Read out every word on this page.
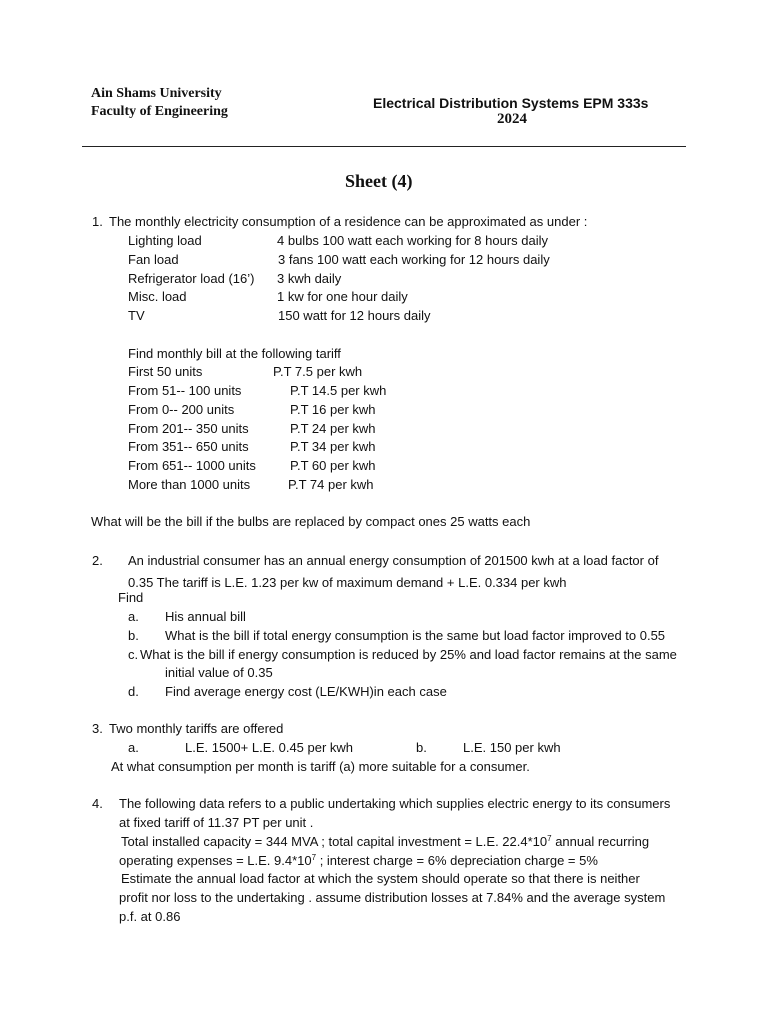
Ain Shams University
Faculty of Engineering
Electrical Distribution Systems EPM 333s
2024
Sheet (4)
1. The monthly electricity consumption of a residence can be approximated as under :
Lighting load	4 bulbs 100 watt each working for 8 hours daily
Fan load	3 fans 100 watt each working for 12 hours daily
Refrigerator load (16’) 3 kwh daily
Misc. load	1 kw for one hour daily
TV	150 watt for 12 hours daily
Find monthly bill at the following tariff
First 50 units	P.T 7.5 per kwh
From 51-- 100 units	P.T 14.5 per kwh
From 0-- 200 units	P.T 16 per kwh
From 201-- 350 units	P.T 24 per kwh
From 351-- 650 units	P.T 34 per kwh
From 651-- 1000 units	P.T 60 per kwh
More than 1000 units	P.T 74 per kwh
What will be the bill if the bulbs are replaced by compact ones 25 watts each
2. An industrial consumer has an annual energy consumption of 201500 kwh at a load factor of
0.35 The tariff is L.E. 1.23 per kw of maximum demand + L.E. 0.334 per kwh
Find
a. His annual bill
b. What is the bill if total energy consumption is the same but load factor improved to 0.55
c. What is the bill if energy consumption is reduced by 25% and load factor remains at the same
initial value of 0.35
d. Find average energy cost (LE/KWH)in each case
3. Two monthly tariffs are offered
a.	L.E. 1500+ L.E. 0.45 per kwh	b.	L.E. 150 per kwh
At what consumption per month is tariff (a) more suitable for a consumer.
4. The following data refers to a public undertaking which supplies electric energy to its consumers
at fixed tariff of 11.37 PT per unit .
Total installed capacity = 344 MVA ; total capital investment = L.E. $22.4*10^7$ annual recurring
operating expenses = L.E. $9.4*10^7$ ; interest charge = 6% depreciation charge = 5%
Estimate the annual load factor at which the system should operate so that there is neither
profit nor loss to the undertaking . assume distribution losses at 7.84% and the average system
p.f. at 0.86
